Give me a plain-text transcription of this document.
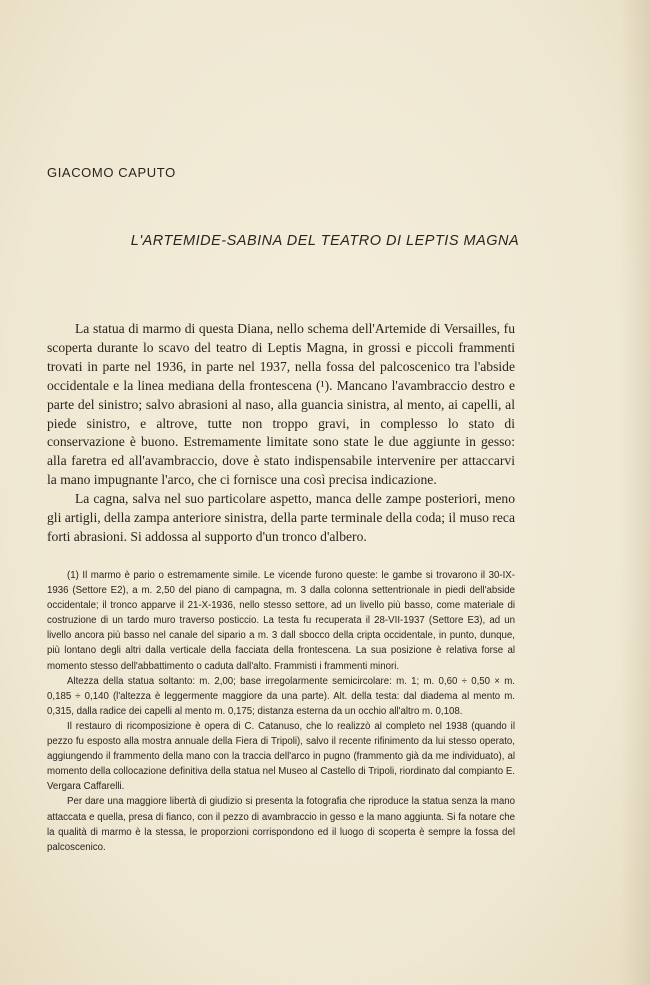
GIACOMO CAPUTO
L'ARTEMIDE-SABINA DEL TEATRO DI LEPTIS MAGNA

La statua di marmo di questa Diana, nello schema dell'Artemide di Versailles, fu scoperta durante lo scavo del teatro di Leptis Magna, in grossi e piccoli frammenti trovati in parte nel 1936, in parte nel 1937, nella fossa del palcoscenico tra l'abside occidentale e la linea mediana della frontescena (¹). Mancano l'avambraccio destro e parte del sinistro; salvo abrasioni al naso, alla guancia sinistra, al mento, ai capelli, al piede sinistro, e altrove, tutte non troppo gravi, in complesso lo stato di conservazione è buono. Estremamente limitate sono state le due aggiunte in gesso: alla faretra ed all'avambraccio, dove è stato indispensabile intervenire per attaccarvi la mano impugnante l'arco, che ci fornisce una così precisa indicazione.

La cagna, salva nel suo particolare aspetto, manca delle zampe posteriori, meno gli artigli, della zampa anteriore sinistra, della parte terminale della coda; il muso reca forti abrasioni. Si addossa al supporto d'un tronco d'albero.

(1) Il marmo è pario o estremamente simile. Le vicende furono queste: le gambe si trovarono il 30-IX-1936 (Settore E2), a m. 2,50 del piano di campagna, m. 3 dalla colonna settentrionale in piedi dell'abside occidentale; il tronco apparve il 21-X-1936, nello stesso settore, ad un livello più basso, come materiale di costruzione di un tardo muro traverso posticcio. La testa fu recuperata il 28-VII-1937 (Settore E3), ad un livello ancora più basso nel canale del sipario a m. 3 dall sbocco della cripta occidentale, in punto, dunque, più lontano degli altri dalla verticale della facciata della frontescena. La sua posizione è relativa forse al momento stesso dell'abbattimento o caduta dall'alto. Frammisti i frammenti minori.

Altezza della statua soltanto: m. 2,00; base irregolarmente semicircolare: m. 1; m. 0,60 ÷ 0,50 × m. 0,185 ÷ 0,140 (l'altezza è leggermente maggiore da una parte). Alt. della testa: dal diadema al mento m. 0,315, dalla radice dei capelli al mento m. 0,175; distanza esterna da un occhio all'altro m. 0,108.

Il restauro di ricomposizione è opera di C. Catanuso, che lo realizzò al completo nel 1938 (quando il pezzo fu esposto alla mostra annuale della Fiera di Tripoli), salvo il recente rifinimento da lui stesso operato, aggiungendo il frammento della mano con la traccia dell'arco in pugno (frammento già da me individuato), al momento della collocazione definitiva della statua nel Museo al Castello di Tripoli, riordinato dal compianto E. Vergara Caffarelli.

Per dare una maggiore libertà di giudizio si presenta la fotografia che riproduce la statua senza la mano attaccata e quella, presa di fianco, con il pezzo di avambraccio in gesso e la mano aggiunta. Si fa notare che la qualità di marmo è la stessa, le proporzioni corrispondono ed il luogo di scoperta è sempre la fossa del palcoscenico.
